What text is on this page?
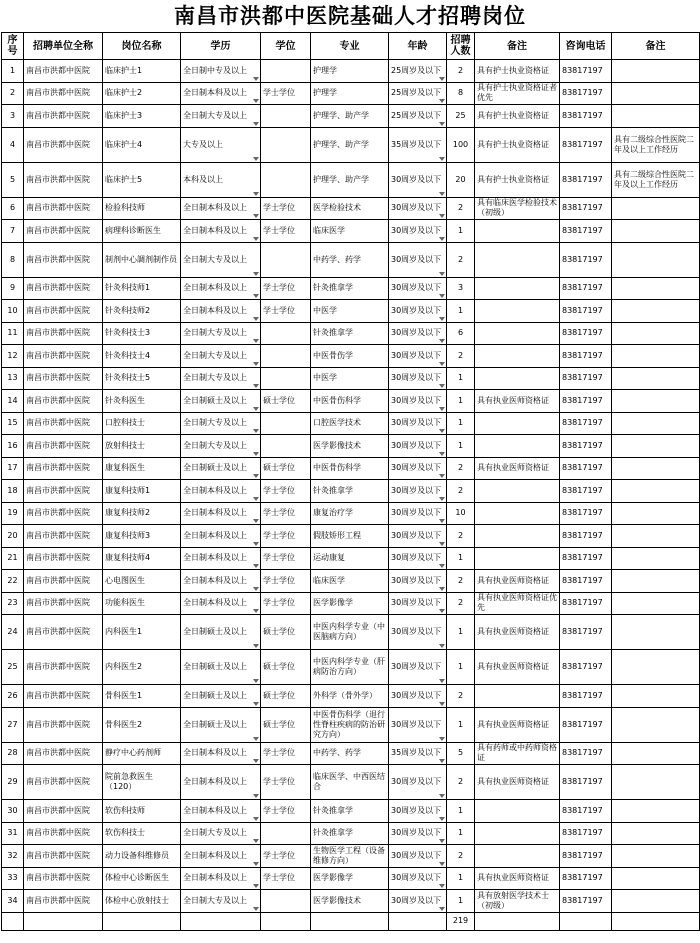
南昌市洪都中医院基础人才招聘岗位
序号	招聘单位全称	岗位名称	学历	学位	专业	年龄	招聘人数	备注	咨询电话	备注
1	南昌市洪都中医院	临床护士1	全日制中专及以上		护理学	25周岁及以下	2	具有护士执业资格证	83817197	
2	南昌市洪都中医院	临床护士2	全日制本科及以上	学士学位	护理学	25周岁及以下	8	具有护士执业资格证者优先	83817197	
3	南昌市洪都中医院	临床护士3	全日制大专及以上		护理学、助产学	25周岁及以下	25	具有护士执业资格证	83817197	
4	南昌市洪都中医院	临床护士4	大专及以上		护理学、助产学	35周岁及以下	100	具有护士执业资格证	83817197	具有二级综合性医院二年及以上工作经历
5	南昌市洪都中医院	临床护士5	本科及以上		护理学、助产学	30周岁及以下	20	具有护士执业资格证	83817197	具有二级综合性医院二年及以上工作经历
6	南昌市洪都中医院	检验科技师	全日制本科及以上	学士学位	医学检验技术	30周岁及以下	2	具有临床医学检验技术（初级）	83817197	
7	南昌市洪都中医院	病理科诊断医生	全日制本科及以上	学士学位	临床医学	30周岁及以下	1		83817197	
8	南昌市洪都中医院	制剂中心調剂制作员	全日制大专及以上		中药学、药学	30周岁及以下	2		83817197	
9	南昌市洪都中医院	针灸科技师1	全日制本科及以上	学士学位	针灸推拿学	30周岁及以下	3		83817197	
10	南昌市洪都中医院	针灸科技师2	全日制本科及以上	学士学位	中医学	30周岁及以下	1		83817197	
11	南昌市洪都中医院	针灸科技士3	全日制大专及以上		针灸推拿学	30周岁及以下	6		83817197	
12	南昌市洪都中医院	针灸科技士4	全日制大专及以上		中医骨伤学	30周岁及以下	2		83817197	
13	南昌市洪都中医院	针灸科技士5	全日制大专及以上		中医学	30周岁及以下	1		83817197	
14	南昌市洪都中医院	针灸科医生	全日制硕士及以上	硕士学位	中医骨伤科学	30周岁及以下	1	具有执业医师资格证	83817197	
15	南昌市洪都中医院	口腔科技士	全日制大专及以上		口腔医学技术	30周岁及以下	1		83817197	
16	南昌市洪都中医院	放射科技士	全日制大专及以上		医学影像技术	30周岁及以下	1		83817197	
17	南昌市洪都中医院	康复科医生	全日制硕士及以上	硕士学位	中医骨伤科学	30周岁及以下	2	具有执业医师资格证	83817197	
18	南昌市洪都中医院	康复科技师1	全日制本科及以上	学士学位	针灸推拿学	30周岁及以下	2		83817197	
19	南昌市洪都中医院	康复科技师2	全日制本科及以上	学士学位	康复治疗学	30周岁及以下	10		83817197	
20	南昌市洪都中医院	康复科技师3	全日制本科及以上	学士学位	假肢矫形工程	30周岁及以下	2		83817197	
21	南昌市洪都中医院	康复科技师4	全日制本科及以上	学士学位	运动康复	30周岁及以下	1		83817197	
22	南昌市洪都中医院	心电图医生	全日制本科及以上	学士学位	临床医学	30周岁及以下	2	具有执业医师资格证	83817197	
23	南昌市洪都中医院	功能科医生	全日制本科及以上	学士学位	医学影像学	30周岁及以下	2	具有执业医师资格证优先	83817197	
24	南昌市洪都中医院	内科医生1	全日制硕士及以上	硕士学位	中医内科学专业（中医脑病方向）	30周岁及以下	1	具有执业医师资格证	83817197	
25	南昌市洪都中医院	内科医生2	全日制硕士及以上	硕士学位	中医内科学专业（肝病防治方向）	30周岁及以下	1	具有执业医师资格证	83817197	
26	南昌市洪都中医院	骨科医生1	全日制硕士及以上	硕士学位	外科学（骨外学）	30周岁及以下	2		83817197	
27	南昌市洪都中医院	骨科医生2	全日制硕士及以上	硕士学位	中医骨伤科学（退行性脊柱疾病的防治研究方向）	30周岁及以下	1	具有执业医师资格证	83817197	
28	南昌市洪都中医院	静疗中心药剂师	全日制本科及以上	学士学位	中药学、药学	35周岁及以下	5	具有药师或中药师资格证	83817197	
29	南昌市洪都中医院	院前急救医生（120）	全日制本科及以上	学士学位	临床医学、中西医结合	30周岁及以下	2	具有执业医师资格证	83817197	
30	南昌市洪都中医院	软伤科技师	全日制本科及以上	学士学位	针灸推拿学	30周岁及以下	1		83817197	
31	南昌市洪都中医院	软伤科技士	全日制大专及以上		针灸推拿学	30周岁及以下	1		83817197	
32	南昌市洪都中医院	动力设备科维修员	全日制本科及以上	学士学位	生物医学工程（设备维修方向）	30周岁及以下	2		83817197	
33	南昌市洪都中医院	体检中心诊断医生	全日制本科及以上	学士学位	医学影像学	30周岁及以下	1	具有执业医师资格证	83817197	
34	南昌市洪都中医院	体检中心放射技士	全日制大专及以上		医学影像技术	30周岁及以下	1	具有放射医学技术士（初级）	83817197	
							219			
